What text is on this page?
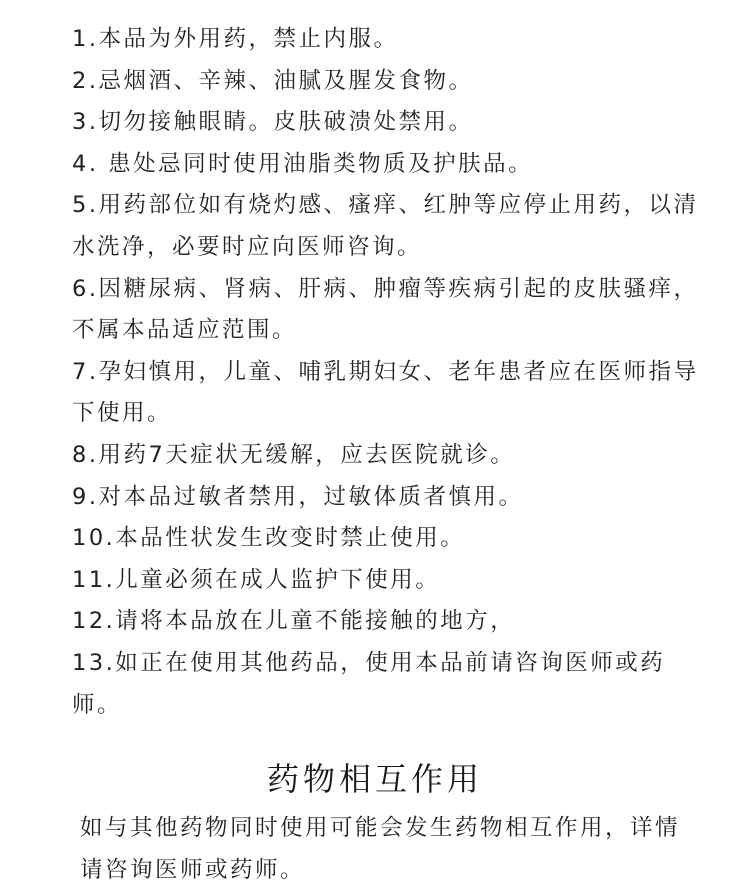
1.本品为外用药，禁止内服。
2.忌烟酒、辛辣、油腻及腥发食物。
3.切勿接触眼睛。皮肤破溃处禁用。
4. 患处忌同时使用油脂类物质及护肤品。
5.用药部位如有烧灼感、瘙痒、红肿等应停止用药，以清水洗净，必要时应向医师咨询。
6.因糖尿病、肾病、肝病、肿瘤等疾病引起的皮肤骚痒，不属本品适应范围。
7.孕妇慎用，儿童、哺乳期妇女、老年患者应在医师指导下使用。
8.用药7天症状无缓解，应去医院就诊。
9.对本品过敏者禁用，过敏体质者慎用。
10.本品性状发生改变时禁止使用。
11.儿童必须在成人监护下使用。
12.请将本品放在儿童不能接触的地方，
13.如正在使用其他药品，使用本品前请咨询医师或药师。
药物相互作用

如与其他药物同时使用可能会发生药物相互作用，详情请咨询医师或药师。
